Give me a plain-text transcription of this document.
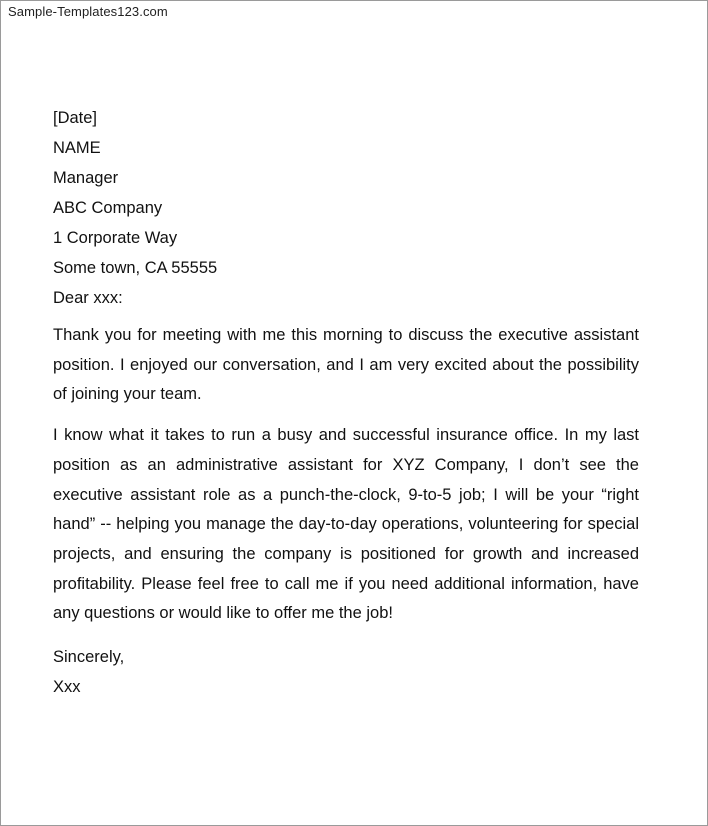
Sample-Templates123.com
[Date]
NAME
Manager
ABC Company
1 Corporate Way
Some town, CA 55555
Dear xxx:

Thank you for meeting with me this morning to discuss the executive assistant position. I enjoyed our conversation, and I am very excited about the possibility of joining your team.

I know what it takes to run a busy and successful insurance office. In my last position as an administrative assistant for XYZ Company, I don’t see the executive assistant role as a punch-the-clock, 9-to-5 job; I will be your “right hand” -- helping you manage the day-to-day operations, volunteering for special projects, and ensuring the company is positioned for growth and increased profitability. Please feel free to call me if you need additional information, have any questions or would like to offer me the job!

Sincerely,
Xxx
